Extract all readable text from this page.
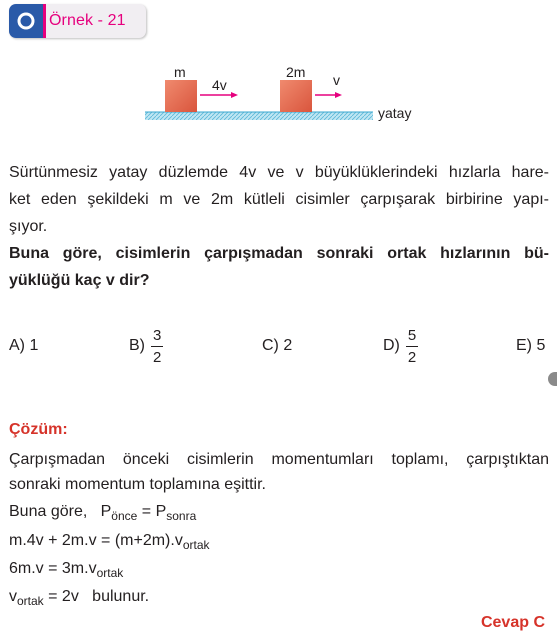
Örnek - 21
m
4v
2m v
yatay
Sürtünmesiz yatay düzlemde 4v ve v büyüklüklerindeki hızlarla hare-
ket eden şekildeki m ve 2m kütleli cisimler çarpışarak birbirine yapı-
şıyor.
Buna göre, cisimlerin çarpışmadan sonraki ortak hızlarının bü-
yüklüğü kaç v dir?
A)
1	$B) \frac{3}{2}$	C)
2	$D) \frac{5}{2}$	E)
5
Çözüm:
Çarpışmadan önceki cisimlerin momentumları toplamı, çarpıştıktan
sonraki momentum toplamına eşittir.
Buna göre, $P_{önce} = P_{sonra}$
$m.4v + 2m.v = (m+2m).v_{ortak}$
$6m.v = 3m.v_{ortak}$
$v_{ortak} = 2v$ bulunur.
Cevap C
